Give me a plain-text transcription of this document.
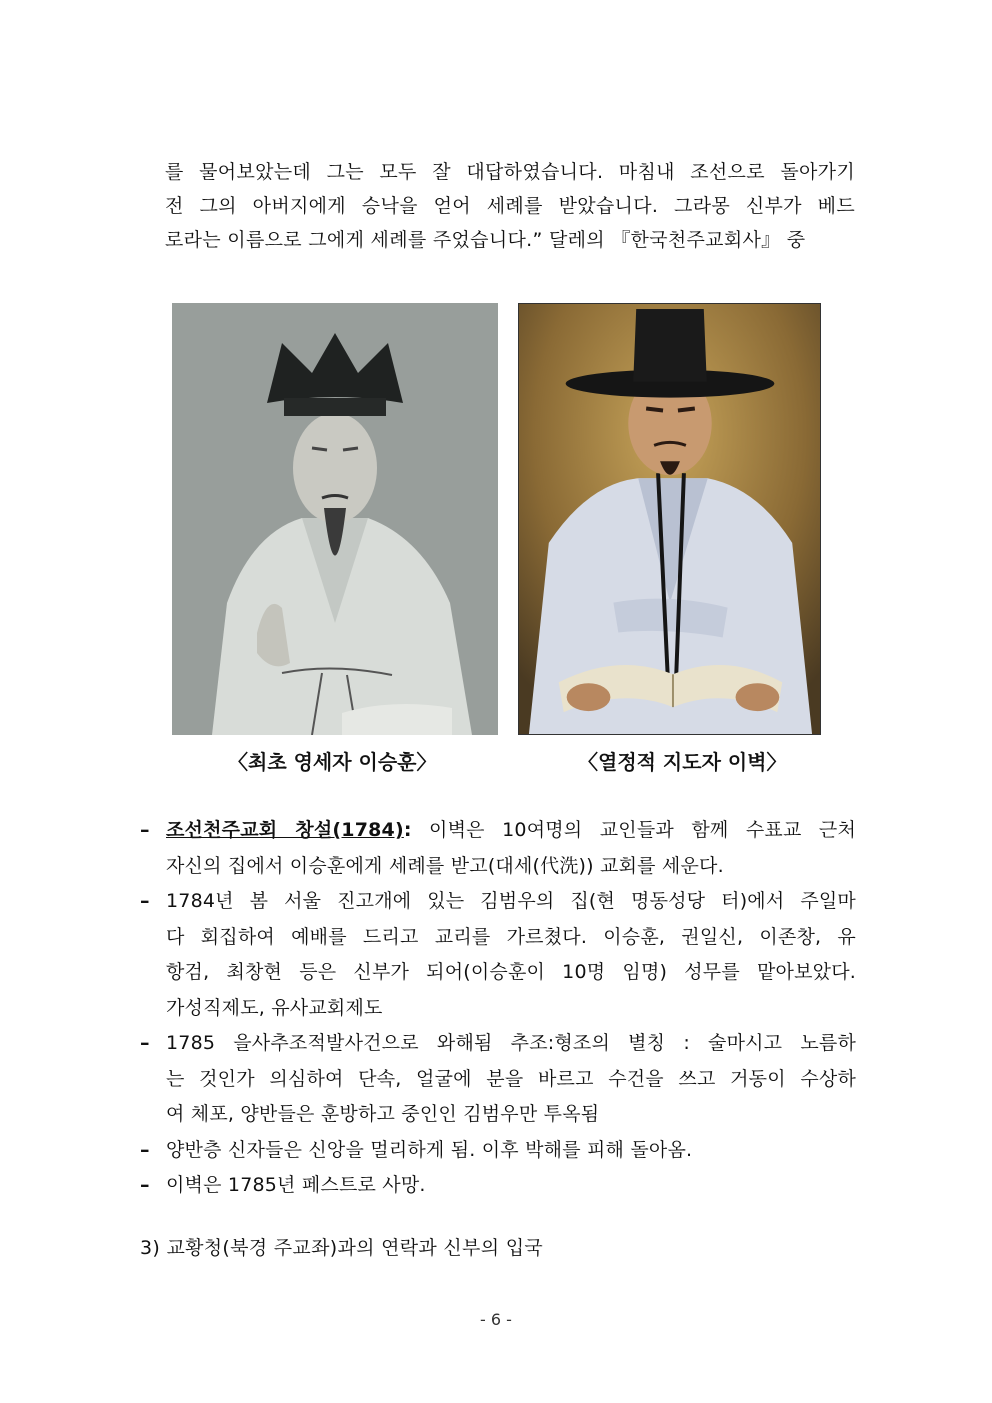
를 물어보았는데 그는 모두 잘 대답하였습니다. 마침내 조선으로 돌아가기

전 그의 아버지에게 승낙을 얻어 세례를 받았습니다. 그라몽 신부가 베드

로라는 이름으로 그에게 세례를 주었습니다.” 달레의 『한국천주교회사』 중

〈최초 영세자 이승훈〉	〈열정적 지도자 이벽〉
– 조선천주교회 창설(1784): 이벽은 10여명의 교인들과 함께 수표교 근처
자신의 집에서 이승훈에게 세례를 받고(대세(代洗)) 교회를 세운다.
– 1784년 봄 서울 진고개에 있는 김범우의 집(현 명동성당 터)에서 주일마
다 회집하여 예배를 드리고 교리를 가르쳤다. 이승훈, 권일신, 이존창, 유
항검, 최창현 등은 신부가 되어(이승훈이 10명 임명) 성무를 맡아보았다.
가성직제도, 유사교회제도
– 1785 을사추조적발사건으로 와해됨 추조:형조의 별칭 : 술마시고 노름하
는 것인가 의심하여 단속, 얼굴에 분을 바르고 수건을 쓰고 거동이 수상하
여 체포, 양반들은 훈방하고 중인인 김범우만 투옥됨
– 양반층 신자들은 신앙을 멀리하게 됨. 이후 박해를 피해 돌아옴.
– 이벽은 1785년 페스트로 사망.
3) 교황청(북경 주교좌)과의 연락과 신부의 입국
- 6 -
